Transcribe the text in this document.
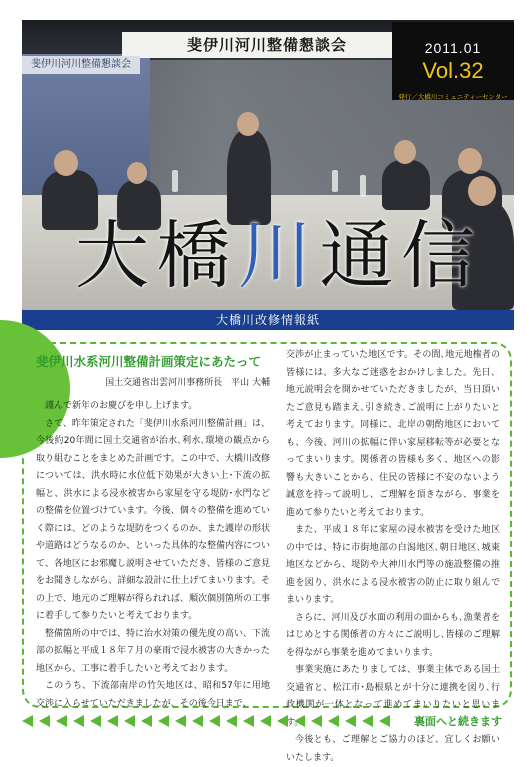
斐伊川河川整備懇談会
斐伊川河川整備懇談会
2011.01
Vol.32
発行／大橋川コミュニティーセンター
大 橋 川 通 信
大橋川改修情報紙
斐伊川水系河川整備計画策定にあたって
国土交通省出雲河川事務所長　平山 大輔

謹んで新年のお慶びを申し上げます。

さて、昨年策定された「斐伊川水系河川整備計画」は、今後約20年間に国土交通省が治水､利水､環境の観点から取り組むことをまとめた計画です。この中で、大橋川改修については、洪水時に水位低下効果が大きい上･下流の拡幅と、洪水による浸水被害から家屋を守る堤防･水門などの整備を位置づけています。今後、個々の整備を進めていく際には、どのような堤防をつくるのか、また護岸の形状や道路はどうなるのか、といった具体的な整備内容について、各地区にお邪魔し説明させていただき、皆様のご意見をお聞きしながら、詳細な設計に仕上げてまいります。その上で、地元のご理解が得られれば、順次個別箇所の工事に着手して参りたいと考えております。

整備箇所の中では、特に治水対策の優先度の高い、下流部の拡幅と平成１８年７月の豪雨で浸水被害の大きかった地区から、工事に着手したいと考えております。

このうち、下流部南岸の竹矢地区は、昭和57年に用地交渉に入らせていただきましたが、その後今日まで、

交渉が止まっていた地区です。その間､地元地権者の皆様には、多大なご迷惑をおかけしました。先日、地元説明会を開かせていただきましたが、当日頂いたご意見も踏まえ､引き続き､ご説明に上がりたいと考えております。同様に、北岸の朝酌地区においても、今後、河川の拡幅に伴い家屋移転等が必要となってまいります。関係者の皆様も多く、地区への影響も大きいことから、住民の皆様に不安のないよう誠意を持って説明し、ご理解を頂きながら、事業を進めて参りたいと考えております。

また、平成１８年に家屋の浸水被害を受けた地区の中では、特に市街地部の白潟地区､朝日地区､城東地区などから、堤防や大神川水門等の施設整備の推進を図り、洪水による浸水被害の防止に取り組んでまいります。

さらに、河川及び水面の利用の面からも､漁業者をはじめとする関係者の方々にご説明し､皆様のご理解を得ながら事業を進めてまいります。

事業実施にあたりましては、事業主体である国土交通省と、松江市･島根県とが十分に連携を図り､行政機関が一体となって進めてまいりたいと思います。

今後とも、ご理解とご協力のほど、宜しくお願いいたします。

裏面へと続きます
